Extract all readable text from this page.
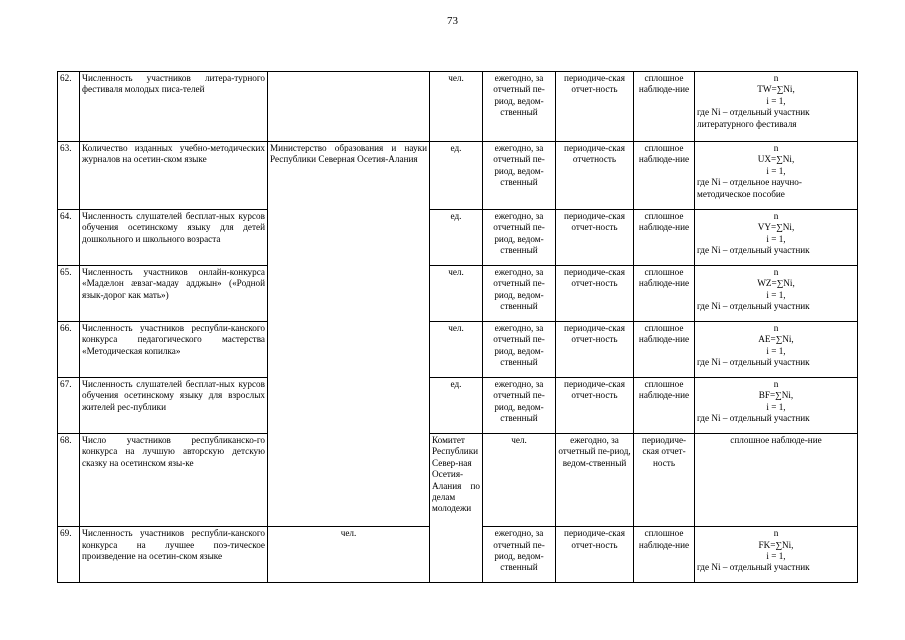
73
62.	Численность участников литера-турного фестиваля молодых писа-телей		чел.	ежегодно, за отчетный пе-риод, ведом-ственный	периодиче-ская отчет-ность	сплошное наблюде-ние	n
TW=∑Ni,
i = 1,
где Ni – отдельный участник литературного фестиваля	

63.	Количество изданных учебно-методических журналов на осетин-ском языке	Министерство образования и науки Республики Северная Осетия-Алания	ед.	ежегодно, за отчетный пе-риод, ведом-ственный	периодиче-ская отчетность	сплошное наблюде-ние	n
UX=∑Ni,
i = 1,
где Ni – отдельное научно-методическое пособие	

64.	Численность слушателей бесплат-ных курсов обучения осетинскому языку для детей дошкольного и школьного возраста		ед.	ежегодно, за отчетный пе-риод, ведом-ственный	периодиче-ская отчет-ность	сплошное наблюде-ние	n
VY=∑Ni,
i = 1,
где Ni – отдельный участник	

65.	Численность участников онлайн-конкурса «Мадæлон æвзаг-мадау адджын» («Родной язык-дорог как мать»)		чел.	ежегодно, за отчетный пе-риод, ведом-ственный	периодиче-ская отчет-ность	сплошное наблюде-ние	n
WZ=∑Ni,
i = 1,
где Ni – отдельный участник	

66.	Численность участников республи-канского конкурса педагогического мастерства «Методическая копилка»		чел.	ежегодно, за отчетный пе-риод, ведом-ственный	периодиче-ская отчет-ность	сплошное наблюде-ние	n
AE=∑Ni,
i = 1,
где Ni – отдельный участник	

67.	Численность слушателей бесплат-ных курсов обучения осетинскому языку для взрослых жителей рес-публики		ед.	ежегодно, за отчетный пе-риод, ведом-ственный	периодиче-ская отчет-ность	сплошное наблюде-ние	n
BF=∑Ni,
i = 1,
где Ni – отдельный участник	

68.	Число участников республиканско-го конкурса на лучшую авторскую детскую сказку на осетинском язы-ке		Комитет Республики Север-ная Осетия-Алания по делам молодежи	чел.	ежегодно, за отчетный пе-риод, ведом-ственный	периодиче-ская отчет-ность	сплошное наблюде-ние	

69.	Численность участников республи-канского конкурса на лучшее поэ-тическое произведение на осетин-ском языке	чел.		ежегодно, за отчетный пе-риод, ведом-ственный	периодиче-ская отчет-ность	сплошное наблюде-ние	n
FK=∑Ni,
i = 1,
где Ni – отдельный участник	
